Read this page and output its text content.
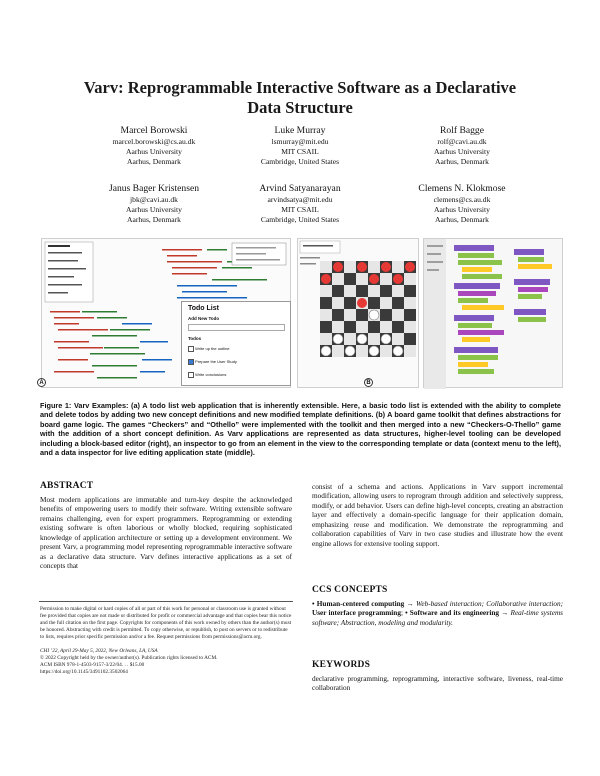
Varv: Reprogrammable Interactive Software as a Declarative
Data Structure
Marcel Borowski
marcel.borowski@cs.au.dk
Aarhus University
Aarhus, Denmark
Luke Murray
lsmurray@mit.edu
MIT CSAIL
Cambridge, United States
Rolf Bagge
rolf@cavi.au.dk
Aarhus University
Aarhus, Denmark
Janus Bager Kristensen
jbk@cavi.au.dk
Aarhus University
Aarhus, Denmark
Arvind Satyanarayan
arvindsatya@mit.edu
MIT CSAIL
Cambridge, United States
Clemens N. Klokmose
clemens@cs.au.dk
Aarhus University
Aarhus, Denmark
A
Todo List
Add New Todo
Todos
Write up the outline
Prepare the User Study
Write conclusions
B
Figure 1: Varv Examples: (a) A todo list web application that is inherently extensible. Here, a basic todo list is extended with the ability to complete and delete todos by adding two new concept definitions and new modified template definitions. (b) A board game toolkit that defines abstractions for board game logic. The games “Checkers” and “Othello” were implemented with the toolkit and then merged into a new “Checkers-O-Thello” game with the addition of a short concept definition. As Varv applications are represented as data structures, higher-level tooling can be developed including a block-based editor (right), an inspector to go from an element in the view to the corresponding template or data (context menu to the left), and a data inspector for live editing application state (middle).
ABSTRACT
Most modern applications are immutable and turn-key despite the acknowledged benefits of empowering users to modify their software. Writing extensible software remains challenging, even for expert programmers. Reprogramming or extending existing software is often laborious or wholly blocked, requiring sophisticated knowledge of application architecture or setting up a development environment. We present Varv, a programming model representing reprogrammable interactive software as a declarative data structure. Varv defines interactive applications as a set of concepts that
Permission to make digital or hard copies of all or part of this work for personal or classroom use is granted without fee provided that copies are not made or distributed for profit or commercial advantage and that copies bear this notice and the full citation on the first page. Copyrights for components of this work owned by others than the author(s) must be honored. Abstracting with credit is permitted. To copy otherwise, or republish, to post on servers or to redistribute to lists, requires prior specific permission and/or a fee. Request permissions from permissions@acm.org.
CHI ’22, April 29-May 5, 2022, New Orleans, LA, USA
© 2022 Copyright held by the owner/author(s). Publication rights licensed to ACM.
ACM ISBN 978-1-4503-9157-3/22/04. . . $15.00
https://doi.org/10.1145/3491102.3502064
consist of a schema and actions. Applications in Varv support incremental modification, allowing users to reprogram through addition and selectively suppress, modify, or add behavior. Users can define high-level concepts, creating an abstraction layer and effectively a domain-specific language for their application domain, emphasizing reuse and modification. We demonstrate the reprogramming and collaboration capabilities of Varv in two case studies and illustrate how the event engine allows for extensive tooling support.
CCS CONCEPTS
• Human-centered computing → Web-based interaction; Collaborative interaction; User interface programming; • Software and its engineering → Real-time systems software; Abstraction, modeling and modularity.
KEYWORDS
declarative programming, reprogramming, interactive software, liveness, real-time collaboration
